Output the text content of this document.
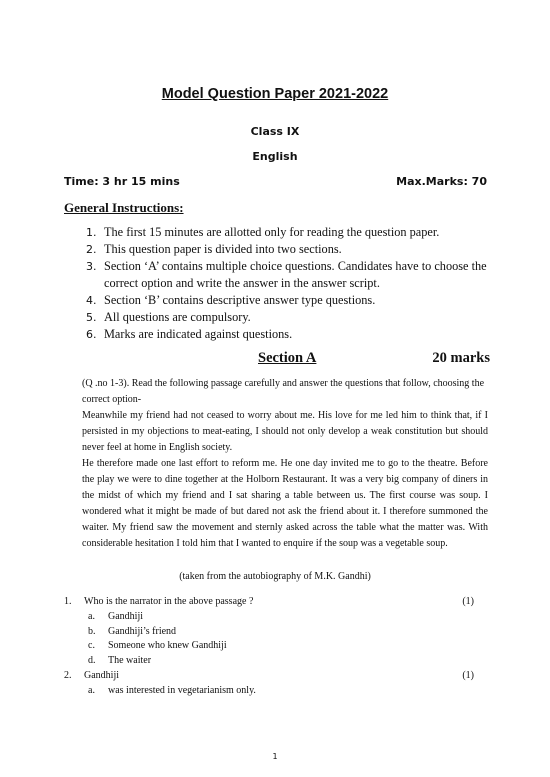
Model Question Paper 2021-2022
Class IX
English
Time: 3 hr 15 mins	Max.Marks: 70
General Instructions:
1. The first 15 minutes are allotted only for reading the question paper.
2. This question paper is divided into two sections.
3. Section ‘A’ contains multiple choice questions. Candidates have to choose the correct option and write the answer in the answer script.
4. Section ‘B’ contains descriptive answer type questions.
5. All questions are compulsory.
6. Marks are indicated against questions.
Section A	20 marks

(Q .no 1-3). Read the following passage carefully and answer the questions that follow, choosing the correct option-

Meanwhile my friend had not ceased to worry about me. His love for me led him to think that, if I persisted in my objections to meat-eating, I should not only develop a weak constitution but should never feel at home in English society.

He therefore made one last effort to reform me. He one day invited me to go to the theatre. Before the play we were to dine together at the Holborn Restaurant. It was a very big company of diners in the midst of which my friend and I sat sharing a table between us. The first course was soup. I wondered what it might be made of but dared not ask the friend about it. I therefore summoned the waiter. My friend saw the movement and sternly asked across the table what the matter was. With considerable hesitation I told him that I wanted to enquire if the soup was a vegetable soup.

(taken from the autobiography of M.K. Gandhi)
1. Who is the narrator in the above passage ?	(1)
a. Gandhiji
b. Gandhiji’s friend
c. Someone who knew Gandhiji
d. The waiter
2. Gandhiji	(1)
a. was interested in vegetarianism only.
1
